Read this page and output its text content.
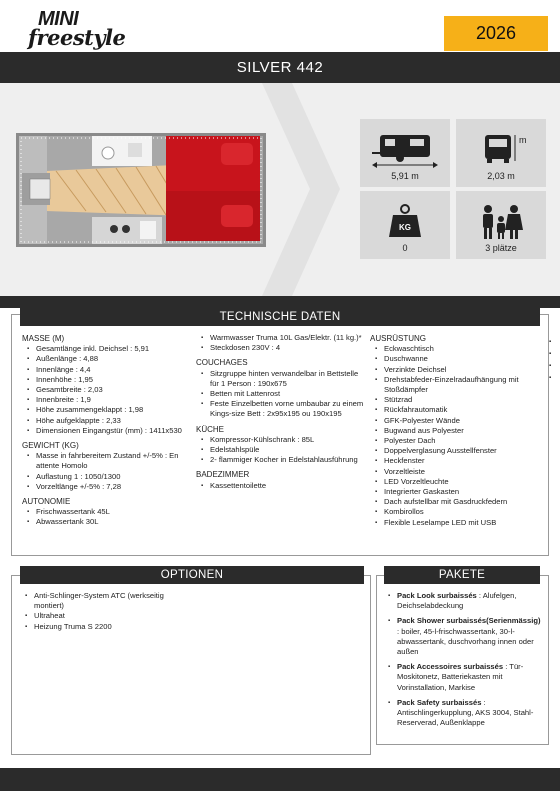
MINI
freestyle	2026
SILVER 442
5,91 m
m
2,03 m
KG
0	3 plätze
TECHNISCHE DATEN
MASSE (M)
▪ Gesamtlänge inkl. Deichsel : 5,91
▪ Außenlänge : 4,88
▪ Innenlänge : 4,4
▪ Innenhöhe : 1,95
▪ Gesamtbreite : 2,03
▪ Innenbreite : 1,9
▪ Höhe zusammengeklappt : 1,98
▪ Höhe aufgeklappte : 2,33
▪ Dimensionen Eingangstür (mm) : 1411x530
GEWICHT (KG)
▪ Masse in fahrbereitem Zustand +/-5% : En attente Homolo
▪ Auflastung 1 : 1050/1300
▪ Vorzeltlänge +/-5% : 7,28
AUTONOMIE
▪ Frischwassertank 45L
▪ Abwassertank 30L
▪ Warmwasser Truma 10L Gas/Elektr. (11 kg.)*
▪ Steckdosen 230V : 4
COUCHAGES
▪ Sitzgruppe hinten verwandelbar in Bettstelle für 1 Person : 190x675
▪ Betten mit Lattenrost
▪ Feste Einzelbetten vorne umbaubar zu einem Kings-size Bett : 2x95x195 ou 190x195
KÜCHE
▪ Kompressor-Kühlschrank : 85L
▪ Edelstahlspüle
▪ 2- flammiger Kocher in Edelstahlausführung
BADEZIMMER
▪ Kassettentoilette
AUSRÜSTUNG
▪ Eckwaschtisch
▪ Duschwanne
▪ Verzinkte Deichsel
▪ Drehstabfeder-Einzelradaufhängung mit Stoßdämpfer
▪ Stützrad
▪ Rückfahrautomatik
▪ GFK-Polyester Wände
▪ Bugwand aus Polyester
▪ Polyester Dach
▪ Doppelverglasung Ausstellfenster
▪ Heckfenster
▪ Vorzeltleiste
▪ LED Vorzeltleuchte
▪ Integrierter Gaskasten
▪ Dach aufstellbar mit Gasdruckfedern
▪ Kombirollos
▪ Flexible Leselampe LED mit USB
▪
▪
▪
▪
OPTIONEN
▪ Anti-Schlinger-System ATC (werkseitig montiert)
▪ Ultraheat
▪ Heizung Truma S 2200
PAKETE
▪ Pack Look surbaissés : Alufelgen, Deichselabdeckung
▪ Pack Shower surbaissés(Serienmässig) : boiler, 45-l-frischwassertank, 30-l-abwassertank, duschvorhang innen oder außen
▪ Pack Accessoires surbaissés : Tür-Moskitonetz, Batteriekasten mit Vorinstallation, Markise
▪ Pack Safety surbaissés : Antischlingerkupplung, AKS 3004, Stahl-Reserverad, Außenklappe
